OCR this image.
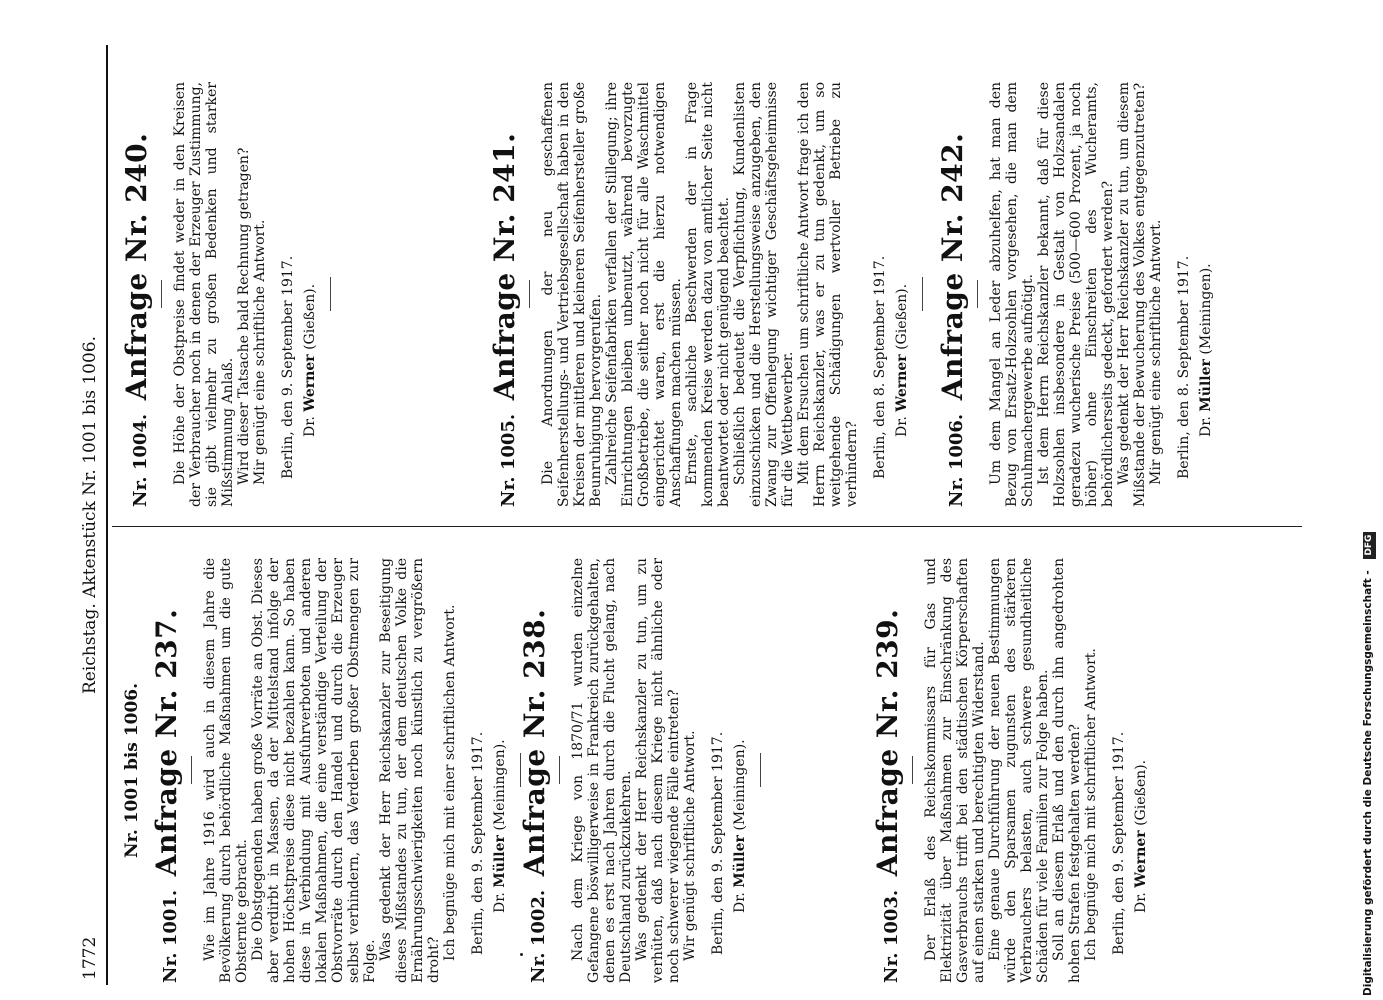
1772
Reichstag. Aktenstück Nr. 1001 bis 1006.
Nr. 1001 bis 1006.
Nr. 1001. Anfrage Nr. 237. Wie im Jahre 1916 wird auch in diesem Jahre die Bevölkerung durch behördliche Maßnahmen um die gute Obsternte gebracht. Die Obstgegenden haben große Vorräte an Obst. Dieses aber verdirbt in Massen, da der Mittelstand infolge der hohen Höchstpreise diese nicht bezahlen kann. So haben diese in Verbindung mit Ausfuhrverboten und anderen lokalen Maßnahmen, die eine verständige Verteilung der Obstvorräte durch den Handel und durch die Erzeuger selbst verhindern, das Verderben großer Obstmengen zur Folge.

Was gedenkt der Herr Reichskanzler zur Beseitigung dieses Mißstandes zu tun, der dem deutschen Volke die Ernährungsschwierigkeiten noch künstlich zu vergrößern droht? Ich begnüge mich mit einer schriftlichen Antwort. Berlin, den 9. September 1917. Dr. Müller (Meiningen).
Nr. 1002. Anfrage Nr. 238. Nach dem Kriege von 1870/71 wurden einzelne Gefangene böswilligerweise in Frankreich zurückgehalten, denen es erst nach Jahren durch die Flucht gelang, nach Deutschland zurückzukehren. Was gedenkt der Herr Reichskanzler zu tun, um zu verhüten, daß nach diesem Kriege nicht ähnliche oder noch schwerer wiegende Fälle eintreten? Wir genügt schriftliche Antwort. Berlin, den 9. September 1917. Dr. Müller (Meiningen).
Nr. 1003. Anfrage Nr. 239. Der Erlaß des Reichskommissars für Gas und Elektrizität über Maßnahmen zur Einschränkung des Gasverbrauchs trifft bei den städtischen Körperschaften auf einen starken und berechtigten Widerstand. Eine genaue Durchführung der neuen Bestimmungen würde den Sparsamen zugunsten des stärkeren Verbrauchers belasten, auch schwere gesundheitliche Schäden für viele Familien zur Folge haben. Soll an diesem Erlaß und den durch ihn angedrohten hohen Strafen festgehalten werden? Ich begnüge mich mit schriftlicher Antwort. Berlin, den 9. September 1917. Dr. Werner (Gießen).
Nr. 1004. Anfrage Nr. 240. Die Höhe der Obstpreise findet weder in den Kreisen der Verbraucher noch in denen der Erzeuger Zustimmung, sie gibt vielmehr zu großen Bedenken und starker Mißstimmung Anlaß. Wird dieser Tatsache bald Rechnung getragen? Mir genügt eine schriftliche Antwort. Berlin, den 9. September 1917. Dr. Werner (Gießen).
Nr. 1005. Anfrage Nr. 241. Die Anordnungen der neu geschaffenen Seifenherstellungs- und Vertriebsgesellschaft haben in den Kreisen der mittleren und kleineren Seifenhersteller große Beunruhigung hervorgerufen. Zahlreiche Seifenfabriken verfallen der Stillegung; ihre Einrichtungen bleiben unbenutzt, während bevorzugte Großbetriebe, die seither noch nicht für alle Waschmittel eingerichtet waren, erst die hierzu notwendigen Anschaffungen machen müssen. Ernste, sachliche Beschwerden der in Frage kommenden Kreise werden dazu von amtlicher Seite nicht beantwortet oder nicht genügend beachtet. Schließlich bedeutet die Verpflichtung, Kundenlisten einzuschicken und die Herstellungsweise anzugeben, den Zwang zur Offenlegung wichtiger Geschäftsgeheimnisse für die Wettbewerber. Mit dem Ersuchen um schriftliche Antwort frage ich den Herrn Reichskanzler, was er zu tun gedenkt, um so weitgehende Schädigungen wertvoller Betriebe zu verhindern? Berlin, den 8. September 1917. Dr. Werner (Gießen).
Nr. 1006. Anfrage Nr. 242. Um dem Mangel an Leder abzuhelfen, hat man den Bezug von Ersatz-Holzsohlen vorgesehen, die man dem Schuhmachergewerbe aufnötigt. Ist dem Herrn Reichskanzler bekannt, daß für diese Holzsohlen insbesondere in Gestalt von Holzsandalen geradezu wucherische Preise (500—600 Prozent, ja noch höher) ohne Einschreiten des Wucheramts, behördlicherseits gedeckt, gefordert werden? Was gedenkt der Herr Reichskanzler zu tun, um diesem Mißstande der Bewucherung des Volkes entgegenzutreten? Mir genügt eine schriftliche Antwort. Berlin, den 8. September 1917. Dr. Müller (Meiningen).
Digitalisierung gefördert durch die Deutsche Forschungsgemeinschaft - DFG
